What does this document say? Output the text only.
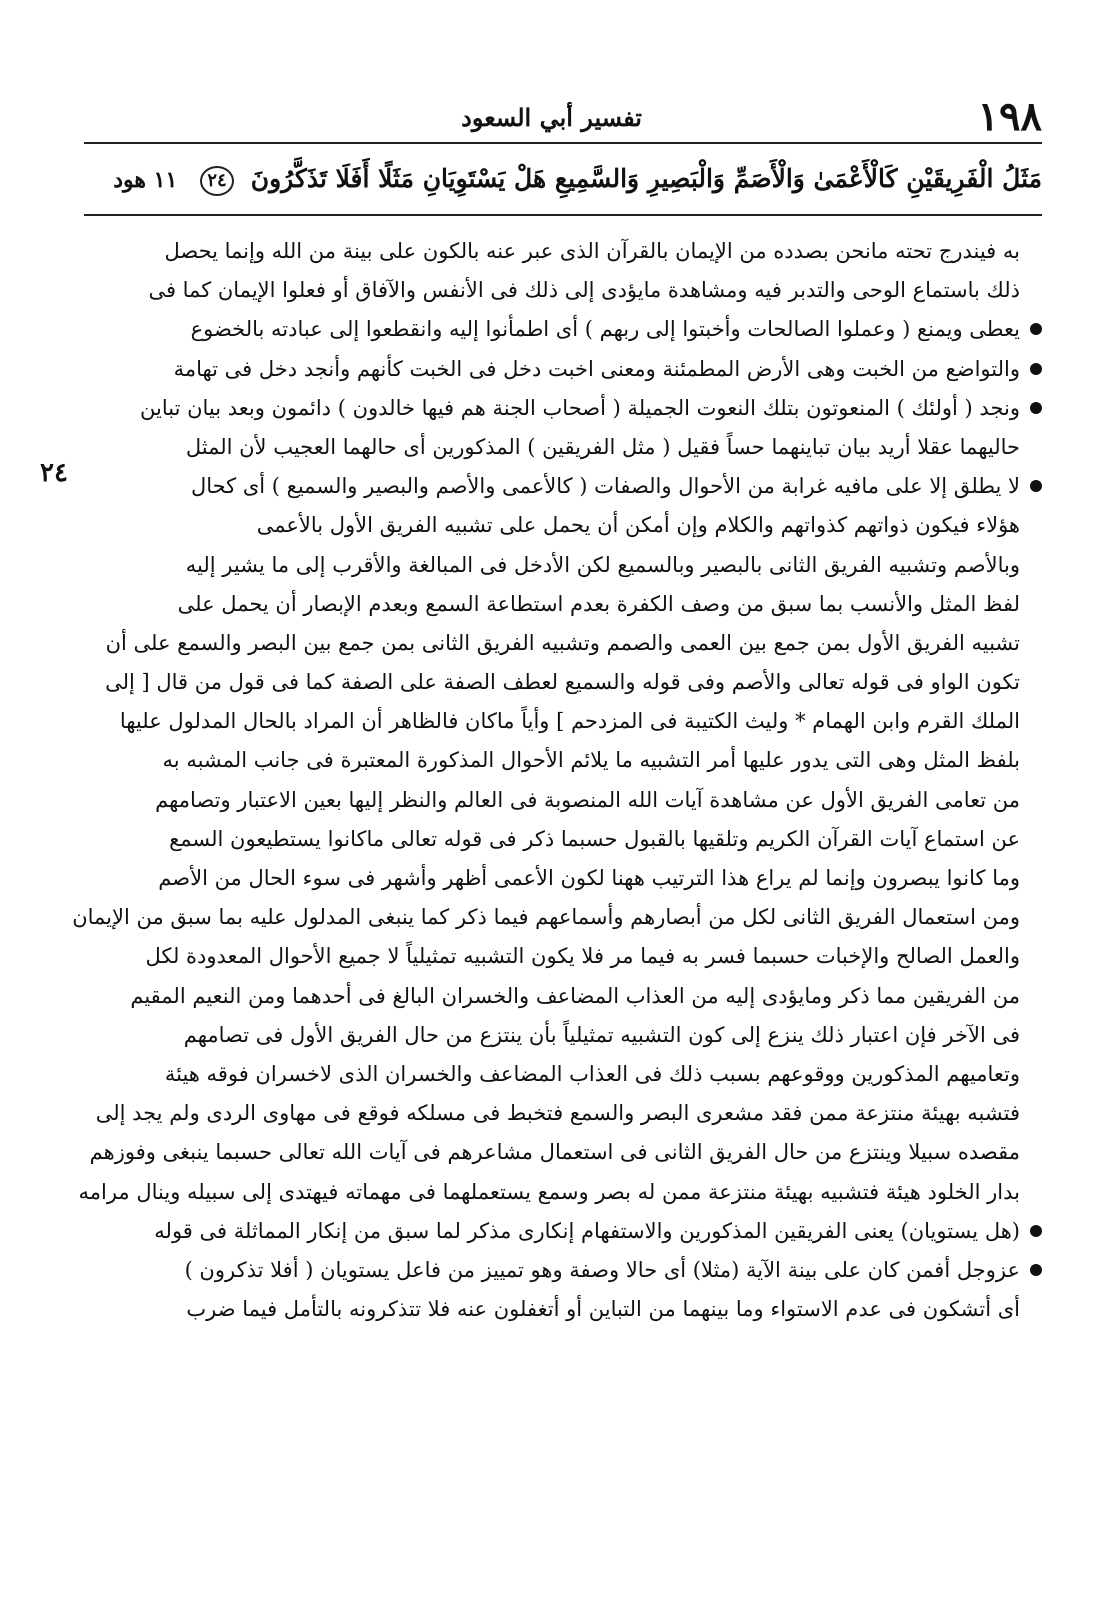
١٩٨
تفسير أبي السعود
مَثَلُ الْفَرِيقَيْنِ كَالْأَعْمَىٰ وَالْأَصَمِّ وَالْبَصِيرِ وَالسَّمِيعِ هَلْ يَسْتَوِيَانِ مَثَلًا أَفَلَا تَذَكَّرُونَ ٢٤ ١١ هود
به فيندرج تحته مانحن بصدده من الإيمان بالقرآن الذى عبر عنه بالكون على بينة من الله وإنما يحصل
ذلك باستماع الوحى والتدبر فيه ومشاهدة مايؤدى إلى ذلك فى الأنفس والآفاق أو فعلوا الإيمان كما فى
يعطى ويمنع ( وعملوا الصالحات وأخبتوا إلى ربهم ) أى اطمأنوا إليه وانقطعوا إلى عبادته بالخضوع
والتواضع من الخبت وهى الأرض المطمئنة ومعنى اخبت دخل فى الخبت كأنهم وأنجد دخل فى تهامة
ونجد ( أولئك ) المنعوتون بتلك النعوت الجميلة ( أصحاب الجنة هم فيها خالدون ) دائمون وبعد بيان تباين
حاليهما عقلا أريد بيان تباينهما حساً فقيل ( مثل الفريقين ) المذكورين أى حالهما العجيب لأن المثل
لا يطلق إلا على مافيه غرابة من الأحوال والصفات ( كالأعمى والأصم والبصير والسميع ) أى كحال
هؤلاء فيكون ذواتهم كذواتهم والكلام وإن أمكن أن يحمل على تشبيه الفريق الأول بالأعمى
وبالأصم وتشبيه الفريق الثانى بالبصير وبالسميع لكن الأدخل فى المبالغة والأقرب إلى ما يشير إليه
لفظ المثل والأنسب بما سبق من وصف الكفرة بعدم استطاعة السمع وبعدم الإبصار أن يحمل على
تشبيه الفريق الأول بمن جمع بين العمى والصمم وتشبيه الفريق الثانى بمن جمع بين البصر والسمع على أن
تكون الواو فى قوله تعالى والأصم وفى قوله والسميع لعطف الصفة على الصفة كما فى قول من قال [ إلى
الملك القرم وابن الهمام * وليث الكتيبة فى المزدحم ] وأياً ماكان فالظاهر أن المراد بالحال المدلول عليها
بلفظ المثل وهى التى يدور عليها أمر التشبيه ما يلائم الأحوال المذكورة المعتبرة فى جانب المشبه به
من تعامى الفريق الأول عن مشاهدة آيات الله المنصوبة فى العالم والنظر إليها بعين الاعتبار وتصامهم
عن استماع آيات القرآن الكريم وتلقيها بالقبول حسبما ذكر فى قوله تعالى ماكانوا يستطيعون السمع
وما كانوا يبصرون وإنما لم يراع هذا الترتيب ههنا لكون الأعمى أظهر وأشهر فى سوء الحال من الأصم
ومن استعمال الفريق الثانى لكل من أبصارهم وأسماعهم فيما ذكر كما ينبغى المدلول عليه بما سبق من الإيمان
والعمل الصالح والإخبات حسبما فسر به فيما مر فلا يكون التشبيه تمثيلياً لا جميع الأحوال المعدودة لكل
من الفريقين مما ذكر ومايؤدى إليه من العذاب المضاعف والخسران البالغ فى أحدهما ومن النعيم المقيم
فى الآخر فإن اعتبار ذلك ينزع إلى كون التشبيه تمثيلياً بأن ينتزع من حال الفريق الأول فى تصامهم
وتعاميهم المذكورين ووقوعهم بسبب ذلك فى العذاب المضاعف والخسران الذى لاخسران فوقه هيئة
فتشبه بهيئة منتزعة ممن فقد مشعرى البصر والسمع فتخبط فى مسلكه فوقع فى مهاوى الردى ولم يجد إلى
مقصده سبيلا وينتزع من حال الفريق الثانى فى استعمال مشاعرهم فى آيات الله تعالى حسبما ينبغى وفوزهم
بدار الخلود هيئة فتشبيه بهيئة منتزعة ممن له بصر وسمع يستعملهما فى مهماته فيهتدى إلى سبيله وينال مرامه
(هل يستويان) يعنى الفريقين المذكورين والاستفهام إنكارى مذكر لما سبق من إنكار المماثلة فى قوله
عزوجل أفمن كان على بينة الآية (مثلا) أى حالا وصفة وهو تمييز من فاعل يستويان ( أفلا تذكرون )
أى أتشكون فى عدم الاستواء وما بينهما من التباين أو أتغفلون عنه فلا تتذكرونه بالتأمل فيما ضرب
٢٤
